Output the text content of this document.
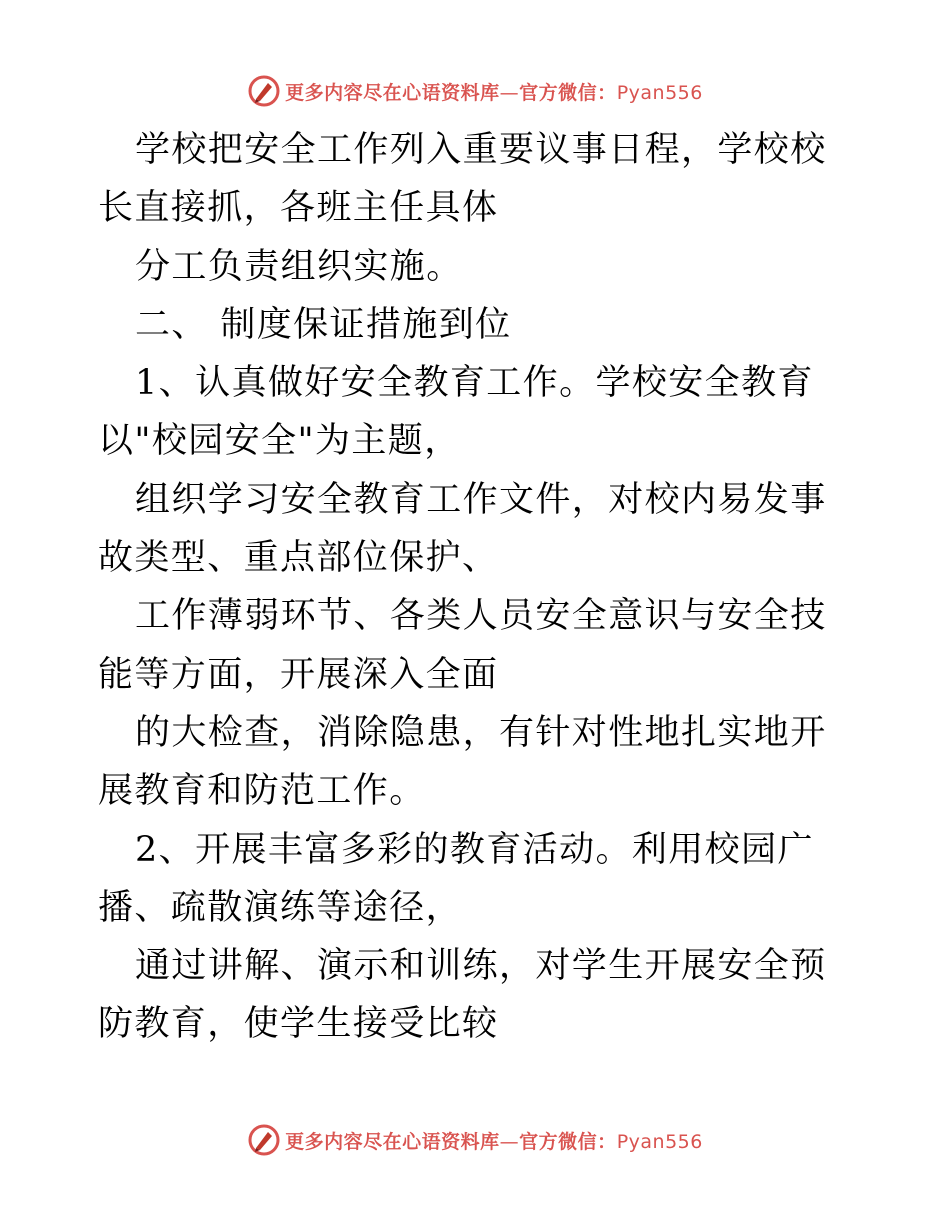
更多内容尽在心语资料库—官方微信：Pyan556

学校把安全工作列入重要议事日程，学校校长直接抓，各班主任具体

分工负责组织实施。

二、 制度保证措施到位

1、认真做好安全教育工作。学校安全教育以"校园安全"为主题，

组织学习安全教育工作文件，对校内易发事故类型、重点部位保护、

工作薄弱环节、各类人员安全意识与安全技能等方面，开展深入全面

的大检查，消除隐患，有针对性地扎实地开展教育和防范工作。

2、开展丰富多彩的教育活动。利用校园广播、疏散演练等途径，

通过讲解、演示和训练，对学生开展安全预防教育，使学生接受比较

更多内容尽在心语资料库—官方微信：Pyan556
